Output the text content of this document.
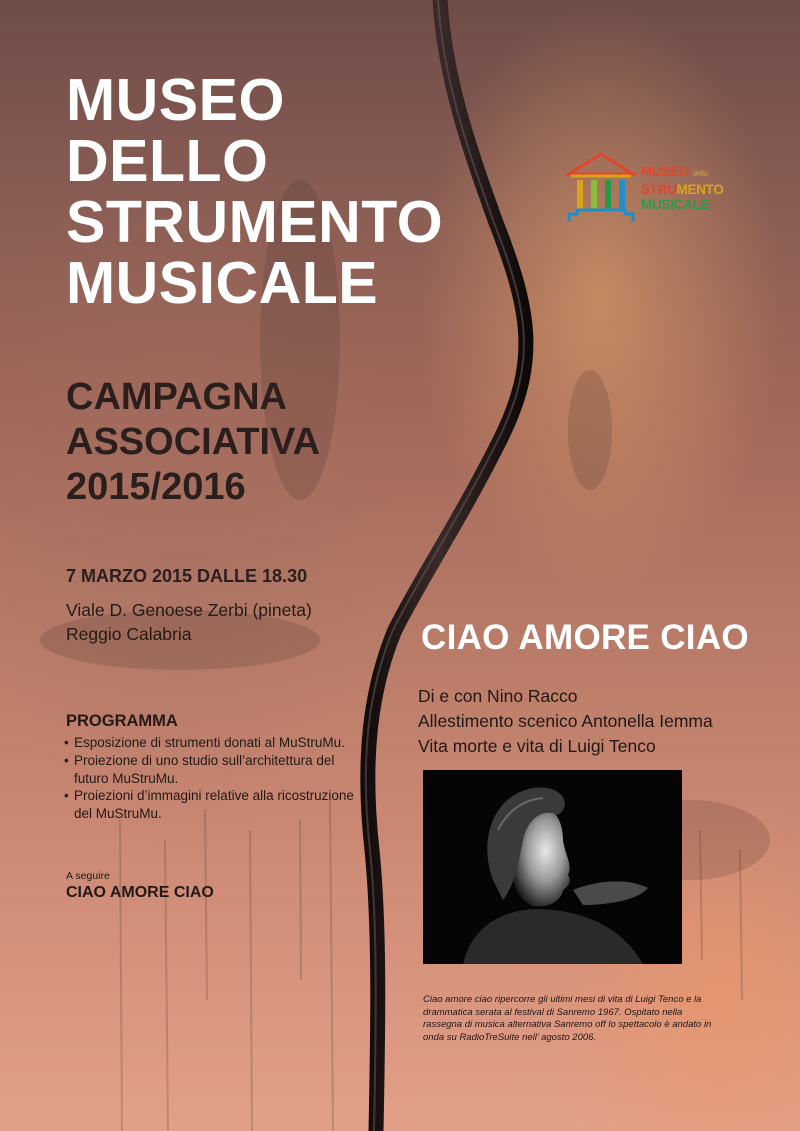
MUSEO
DELLO
STRUMENTO
MUSICALE
CAMPAGNA
ASSOCIATIVA
2015/2016
7 MARZO 2015 DALLE 18.30
Viale D. Genoese Zerbi (pineta)
Reggio Calabria
PROGRAMMA
• Esposizione di strumenti donati al MuStruMu.
• Proiezione di uno studio sull’architettura del futuro MuStruMu.
• Proiezioni d’immagini relative alla ricostruzione del MuStruMu.
A seguire
CIAO AMORE CIAO
CIAO AMORE CIAO
Di e con Nino Racco
Allestimento scenico Antonella Iemma
Vita morte e vita di Luigi Tenco
Ciao amore ciao ripercorre gli ultimi mesi di vita di Luigi Tenco e la drammatica serata al festival di Sanremo 1967. Ospitato nella rassegna di musica alternativa Sanremo off lo spettacolo è andato in onda su RadioTreSuite nell’ agosto 2006.
MUSEO dello
STRUMENTO
MUSICALE
